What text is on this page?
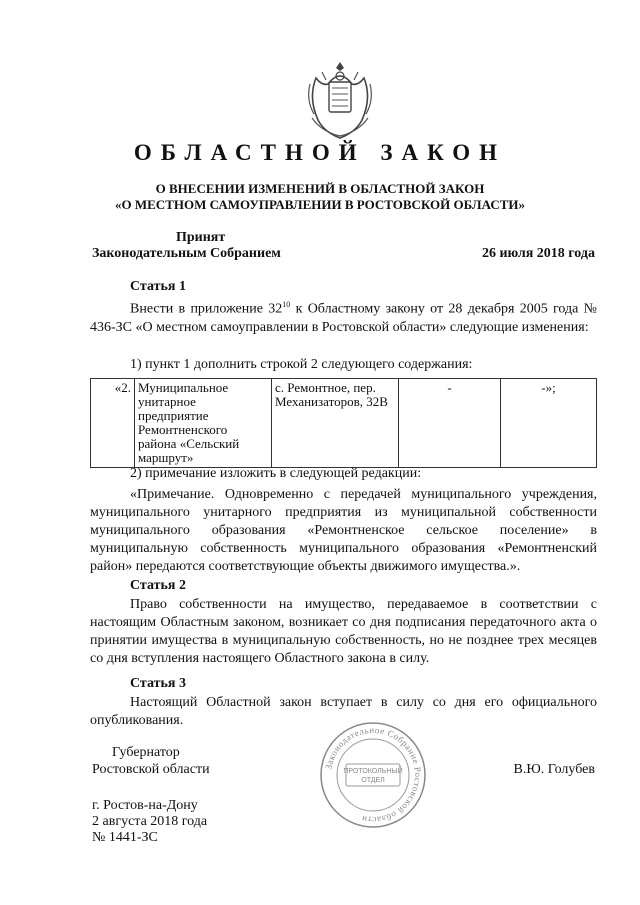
ОБЛАСТНОЙ ЗАКОН
О ВНЕСЕНИИ ИЗМЕНЕНИЙ В ОБЛАСТНОЙ ЗАКОН
«О МЕСТНОМ САМОУПРАВЛЕНИИ В РОСТОВСКОЙ ОБЛАСТИ»
Принят
Законодательным Собранием	26 июля 2018 года
Статья 1

Внести в приложение $32^{10}$ к Областному закону от 28 декабря 2005 года № 436-ЗС «О местном самоуправлении в Ростовской области» следующие изменения:

1) пункт 1 дополнить строкой 2 следующего содержания:

«2.	Муниципальное унитарное предприятие Ремонтненского района «Сельский маршрут»	с. Ремонтное, пер. Механизаторов, 32В	-	-»;

2) примечание изложить в следующей редакции:

«Примечание. Одновременно с передачей муниципального учреждения, муниципального унитарного предприятия из муниципальной собственности муниципального образования «Ремонтненское сельское поселение» в муниципальную собственность муниципального образования «Ремонтненский район» передаются соответствующие объекты движимого имущества.».

Статья 2

Право собственности на имущество, передаваемое в соответствии с настоящим Областным законом, возникает со дня подписания передаточного акта о принятии имущества в муниципальную собственность, но не позднее трех месяцев со дня вступления настоящего Областного закона в силу.

Статья 3

Настоящий Областной закон вступает в силу со дня его официального опубликования.

Губернатор
Ростовской области	В.Ю. Голубев
Законодательное Собрание Ростовской области
ПРОТОКОЛЬНЫЙ
ОТДЕЛ
г. Ростов-на-Дону
2 августа 2018 года
№ 1441-ЗС
